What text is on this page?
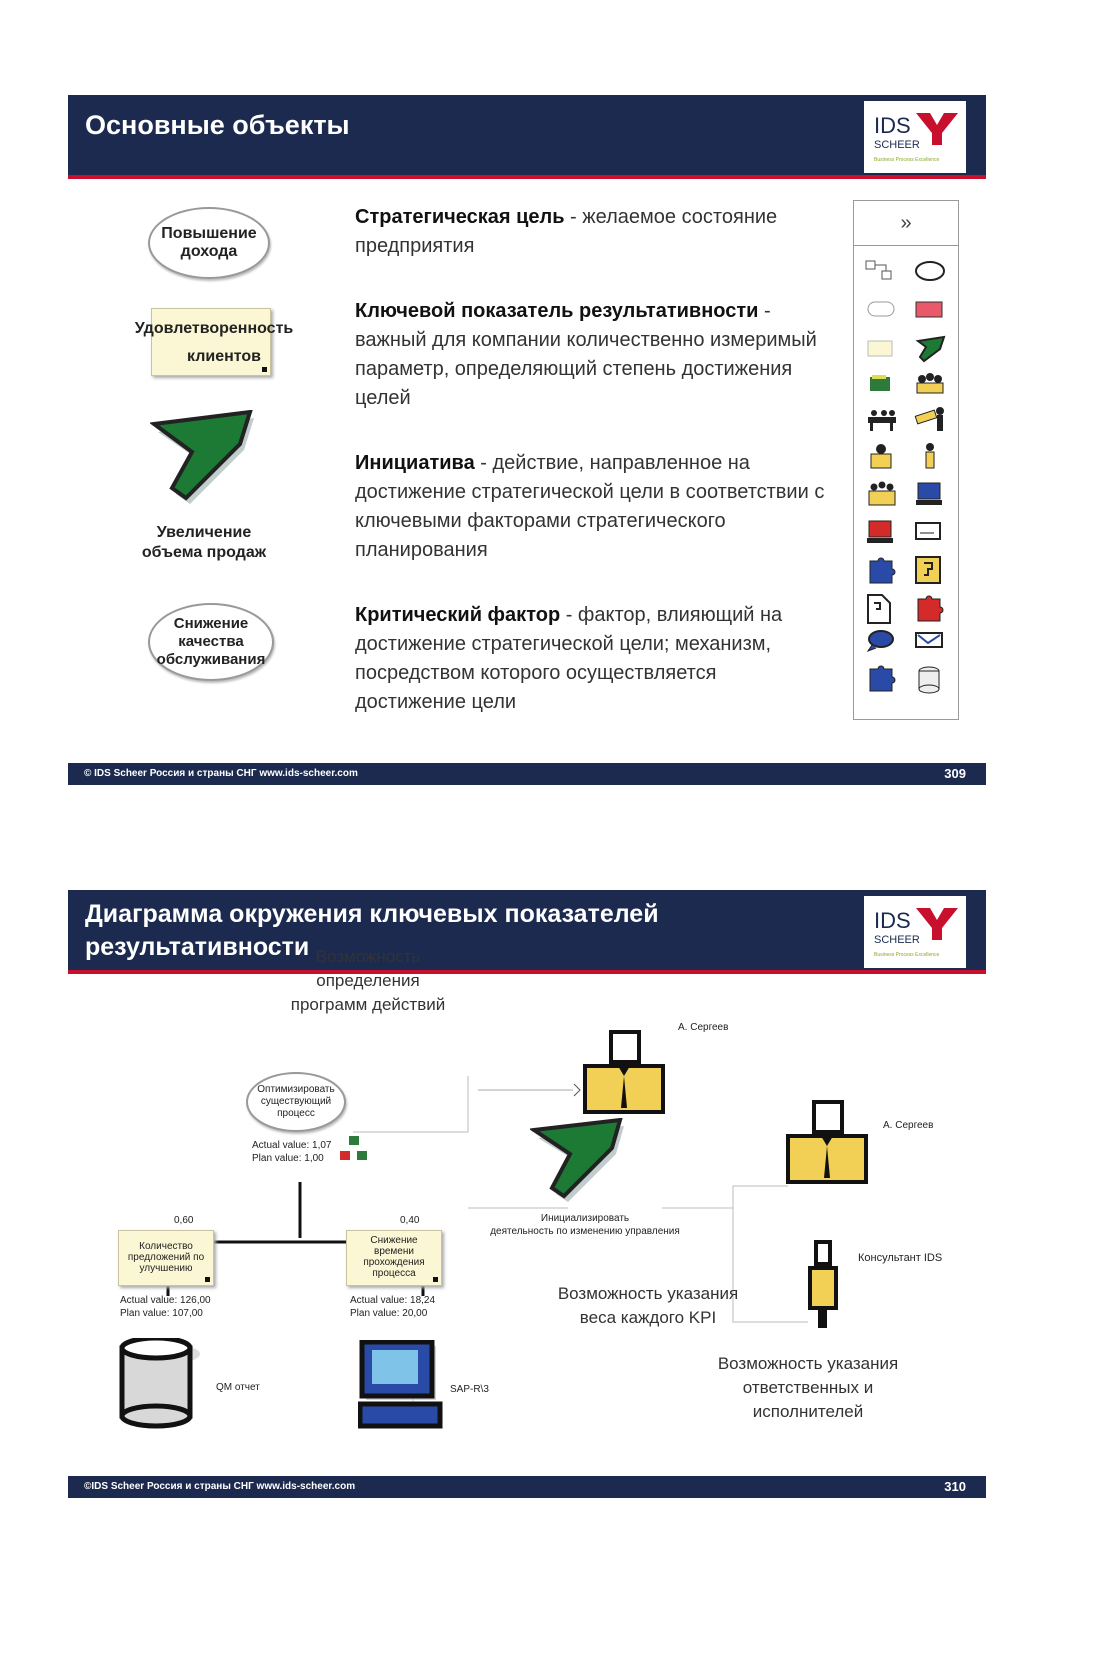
Основные объекты	IDS
SCHEER
Business Process Excellence
Повышение дохода
Удовлетворенность
клиентов
Увеличение объема продаж
Снижение качества обслуживания
Стратегическая цель - желаемое состояние предприятия
Ключевой показатель результативности - важный для компании количественно измеримый параметр, определяющий степень достижения целей
Инициатива - действие, направленное на достижение стратегической цели в соответствии с ключевыми факторами стратегического планирования
Критический фактор - фактор, влияющий на достижение стратегической цели; механизм, посредством которого осуществляется достижение цели
»
© IDS Scheer Россия и страны СНГ www.ids-scheer.com	309
Диаграмма окружения ключевых показателей
результативности
IDS
SCHEER
Business Process Excellence
Возможность определения программ действий
Возможность указания веса каждого KPI
Возможность указания ответственных и исполнителей
А. Сергеев
А. Сергеев
Консультант IDS
Оптимизировать существующий процесс
Actual value: 1,07
Plan value: 1,00
0,60	0,40
Количество предложений по улучшению
Actual value: 126,00
Plan value: 107,00
Снижение времени прохождения процесса
Actual value: 18,24
Plan value: 20,00
Инициализировать
деятельность по изменению управления
QM отчет	SAP-R\3
©IDS Scheer Россия и страны СНГ www.ids-scheer.com	310
